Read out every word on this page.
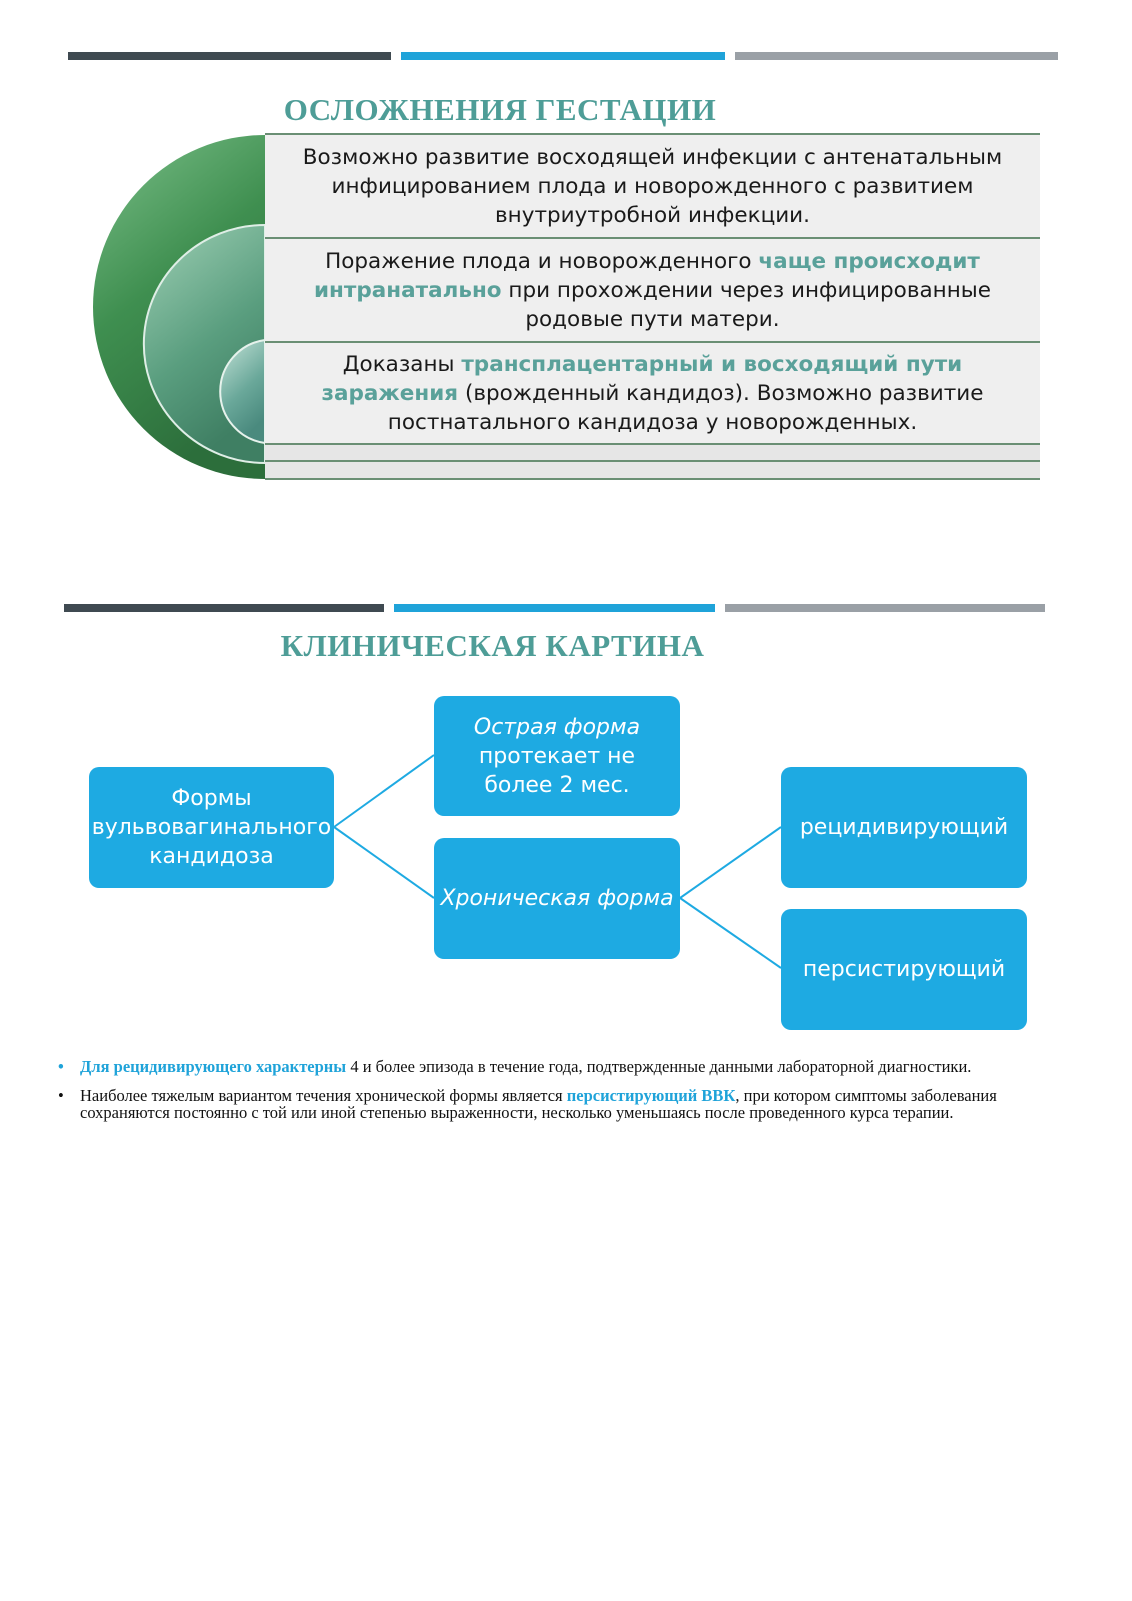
ОСЛОЖНЕНИЯ ГЕСТАЦИИ

Возможно развитие восходящей инфекции с антенатальным инфицированием плода и новорожденного с развитием внутриутробной инфекции.

Поражение плода и новорожденного чаще происходит интранатально при прохождении через инфицированные родовые пути матери.

Доказаны трансплацентарный и восходящий пути заражения (врожденный кандидоз). Возможно развитие постнатального кандидоза у новорожденных.

КЛИНИЧЕСКАЯ КАРТИНА
Формы вульвовагинального кандидоза
Острая форма
протекает не более 2 мес.
Хроническая форма
рецидивирующий
персистирующий
• Для рецидивирующего характерны 4 и более эпизода в течение года, подтвержденные данными лабораторной диагностики.
• Наиболее тяжелым вариантом течения хронической формы является персистирующий ВВК, при котором симптомы заболевания сохраняются постоянно с той или иной степенью выраженности, несколько уменьшаясь после проведенного курса терапии.
